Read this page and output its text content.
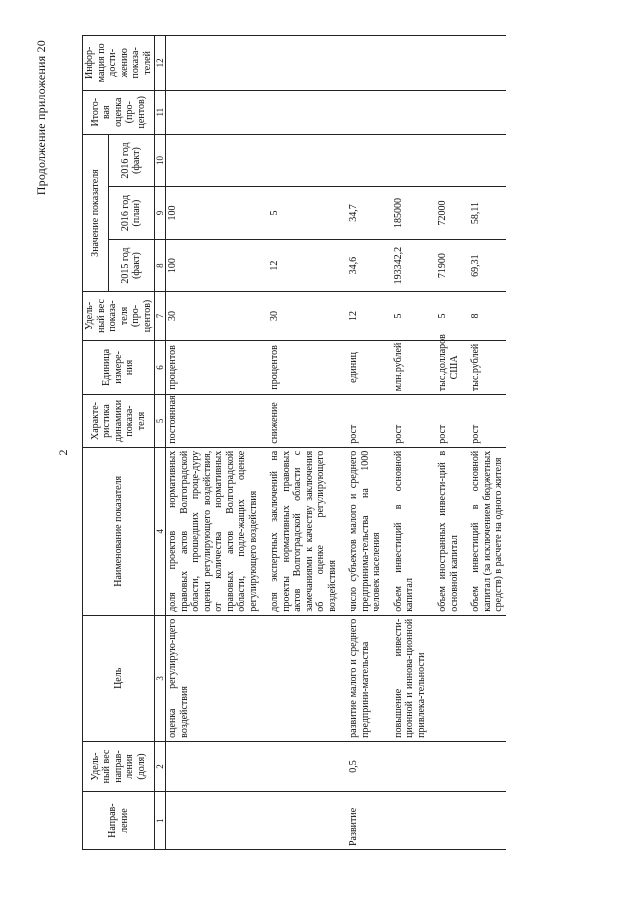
2
Продолжение приложения 20
Направ-ление	Удель-ный вес направ-ления (доля)	Цель	Наименование показателя	Характе-ристика динамики показа-теля	Единица измере-ния	Удель-ный вес показа-теля (про-центов)	Значение показателя			Итого-вая оценка (про-центов)	Инфор-мация по дости-жению показа-телей
							2015 год (факт)	2016 год (план)	2016 год (факт)		
1	2	3	4	5	6	7	8	9	10	11	12
		оценка регулирую-щего воздействия	доля проектов нормативных правовых актов Волгоградской области, прошедших проце-дуру оценки регулирующего воздействия, от количества нормативных правовых актов Волгоградской области, подле-жащих оценке регулирующего воздействия	постоянная	процентов	30	100	100			

			доля экспертных заключений на проекты нормативных правовых актов Волгоградской области с замечаниями к качеству заключения об оценке регулирующего воздействия	снижение	процентов	30	12	5			

Развитие	0,5	развитие малого и среднего предприни-мательства	число субъектов малого и среднего предпринима-тельства на 1000 человек населения	рост	единиц	12	34,6	34,7			

		повышение инвести-ционной и иннова-ционной привлека-тельности	объем инвестиций в основной капитал	рост	млн.рублей	5	193342,2	185000			

			объем иностранных инвести-ций в основной капитал	рост	тыс.долларов США	5	71900	72000			

			объем инвестиций в основной капитал (за исключением бюджетных средств) в расчете на одного жителя	рост	тыс.рублей	8	69,31	58,11			
